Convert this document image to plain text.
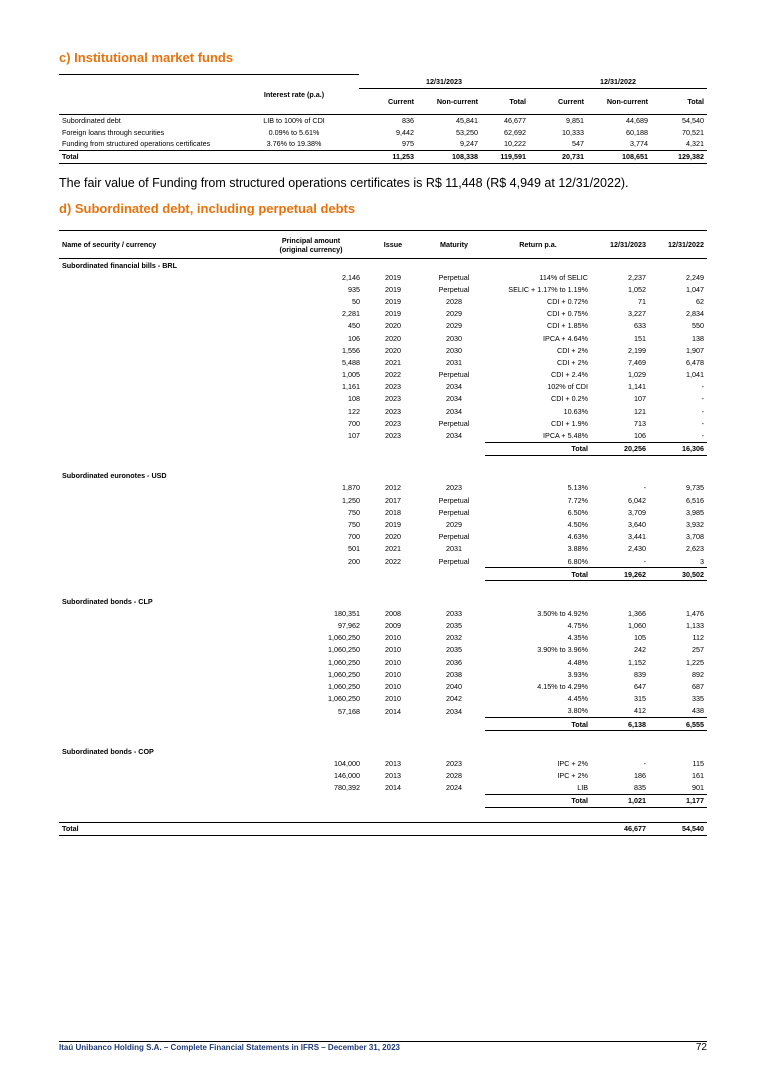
c) Institutional market funds
		12/31/2023			12/31/2022		
	Interest rate (p.a.)	Current	Non-current	Total	Current	Non-current	Total
Subordinated debt	LIB to 100% of CDI	836	45,841	46,677	9,851	44,689	54,540
Foreign loans through securities	0.09% to 5.61%	9,442	53,250	62,692	10,333	60,188	70,521
Funding from structured operations certificates	3.76% to 19.38%	975	9,247	10,222	547	3,774	4,321
Total		11,253	108,338	119,591	20,731	108,651	129,382

The fair value of Funding from structured operations certificates is R$ 11,448 (R$ 4,949 at 12/31/2022).

d) Subordinated debt, including perpetual debts
Name of security / currency	Principal amount
(original currency)	Issue	Maturity	Return p.a.	12/31/2023	12/31/2022
Subordinated financial bills - BRL						
	2,146	2019	Perpetual	114% of SELIC	2,237	2,249
	935	2019	Perpetual	SELIC + 1.17% to 1.19%	1,052	1,047
	50	2019	2028	CDI + 0.72%	71	62
	2,281	2019	2029	CDI + 0.75%	3,227	2,834
	450	2020	2029	CDI + 1.85%	633	550
	106	2020	2030	IPCA + 4.64%	151	138
	1,556	2020	2030	CDI + 2%	2,199	1,907
	5,488	2021	2031	CDI + 2%	7,469	6,478
	1,005	2022	Perpetual	CDI + 2.4%	1,029	1,041
	1,161	2023	2034	102% of CDI	1,141	-
	108	2023	2034	CDI + 0.2%	107	-
	122	2023	2034	10.63%	121	-
	700	2023	Perpetual	CDI + 1.9%	713	-
	107	2023	2034	IPCA + 5.48%	106	-
				Total	20,256	16,306

Subordinated euronotes - USD						
	1,870	2012	2023	5.13%	-	9,735
	1,250	2017	Perpetual	7.72%	6,042	6,516
	750	2018	Perpetual	6.50%	3,709	3,985
	750	2019	2029	4.50%	3,640	3,932
	700	2020	Perpetual	4.63%	3,441	3,708
	501	2021	2031	3.88%	2,430	2,623
	200	2022	Perpetual	6.80%	-	3
				Total	19,262	30,502

Subordinated bonds - CLP						
	180,351	2008	2033	3.50% to 4.92%	1,366	1,476
	97,962	2009	2035	4.75%	1,060	1,133
	1,060,250	2010	2032	4.35%	105	112
	1,060,250	2010	2035	3.90% to 3.96%	242	257
	1,060,250	2010	2036	4.48%	1,152	1,225
	1,060,250	2010	2038	3.93%	839	892
	1,060,250	2010	2040	4.15% to 4.29%	647	687
	1,060,250	2010	2042	4.45%	315	335
	57,168	2014	2034	3.80%	412	438
				Total	6,138	6,555

Subordinated bonds - COP						
	104,000	2013	2023	IPC + 2%	-	115
	146,000	2013	2028	IPC + 2%	186	161
	780,392	2014	2024	LIB	835	901
				Total	1,021	1,177

Total					46,677	54,540
Itaú Unibanco Holding S.A. – Complete Financial Statements in IFRS – December 31, 2023	72
